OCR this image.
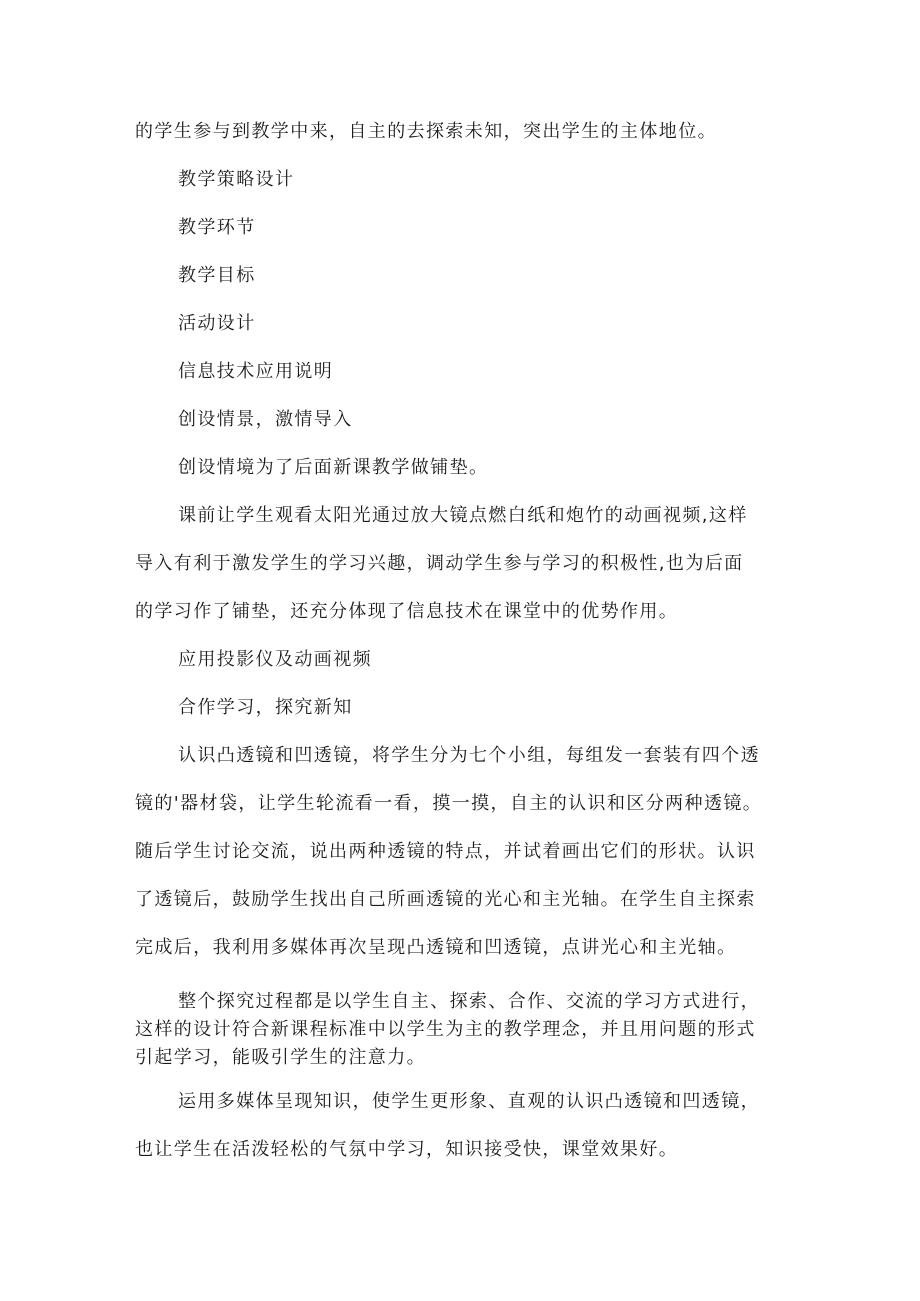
的学生参与到教学中来，自主的去探索未知，突出学生的主体地位。

教学策略设计

教学环节

教学目标

活动设计

信息技术应用说明

创设情景，激情导入

创设情境为了后面新课教学做铺垫。

课前让学生观看太阳光通过放大镜点燃白纸和炮竹的动画视频,这样

导入有利于激发学生的学习兴趣，调动学生参与学习的积极性,也为后面

的学习作了铺垫，还充分体现了信息技术在课堂中的优势作用。

应用投影仪及动画视频

合作学习，探究新知

认识凸透镜和凹透镜，将学生分为七个小组，每组发一套装有四个透

镜的'器材袋，让学生轮流看一看，摸一摸，自主的认识和区分两种透镜。

随后学生讨论交流，说出两种透镜的特点，并试着画出它们的形状。认识

了透镜后，鼓励学生找出自己所画透镜的光心和主光轴。在学生自主探索

完成后，我利用多媒体再次呈现凸透镜和凹透镜，点讲光心和主光轴。

整个探究过程都是以学生自主、探索、合作、交流的学习方式进行，

这样的设计符合新课程标准中以学生为主的教学理念，并且用问题的形式

引起学习，能吸引学生的注意力。

运用多媒体呈现知识，使学生更形象、直观的认识凸透镜和凹透镜，

也让学生在活泼轻松的气氛中学习，知识接受快，课堂效果好。
